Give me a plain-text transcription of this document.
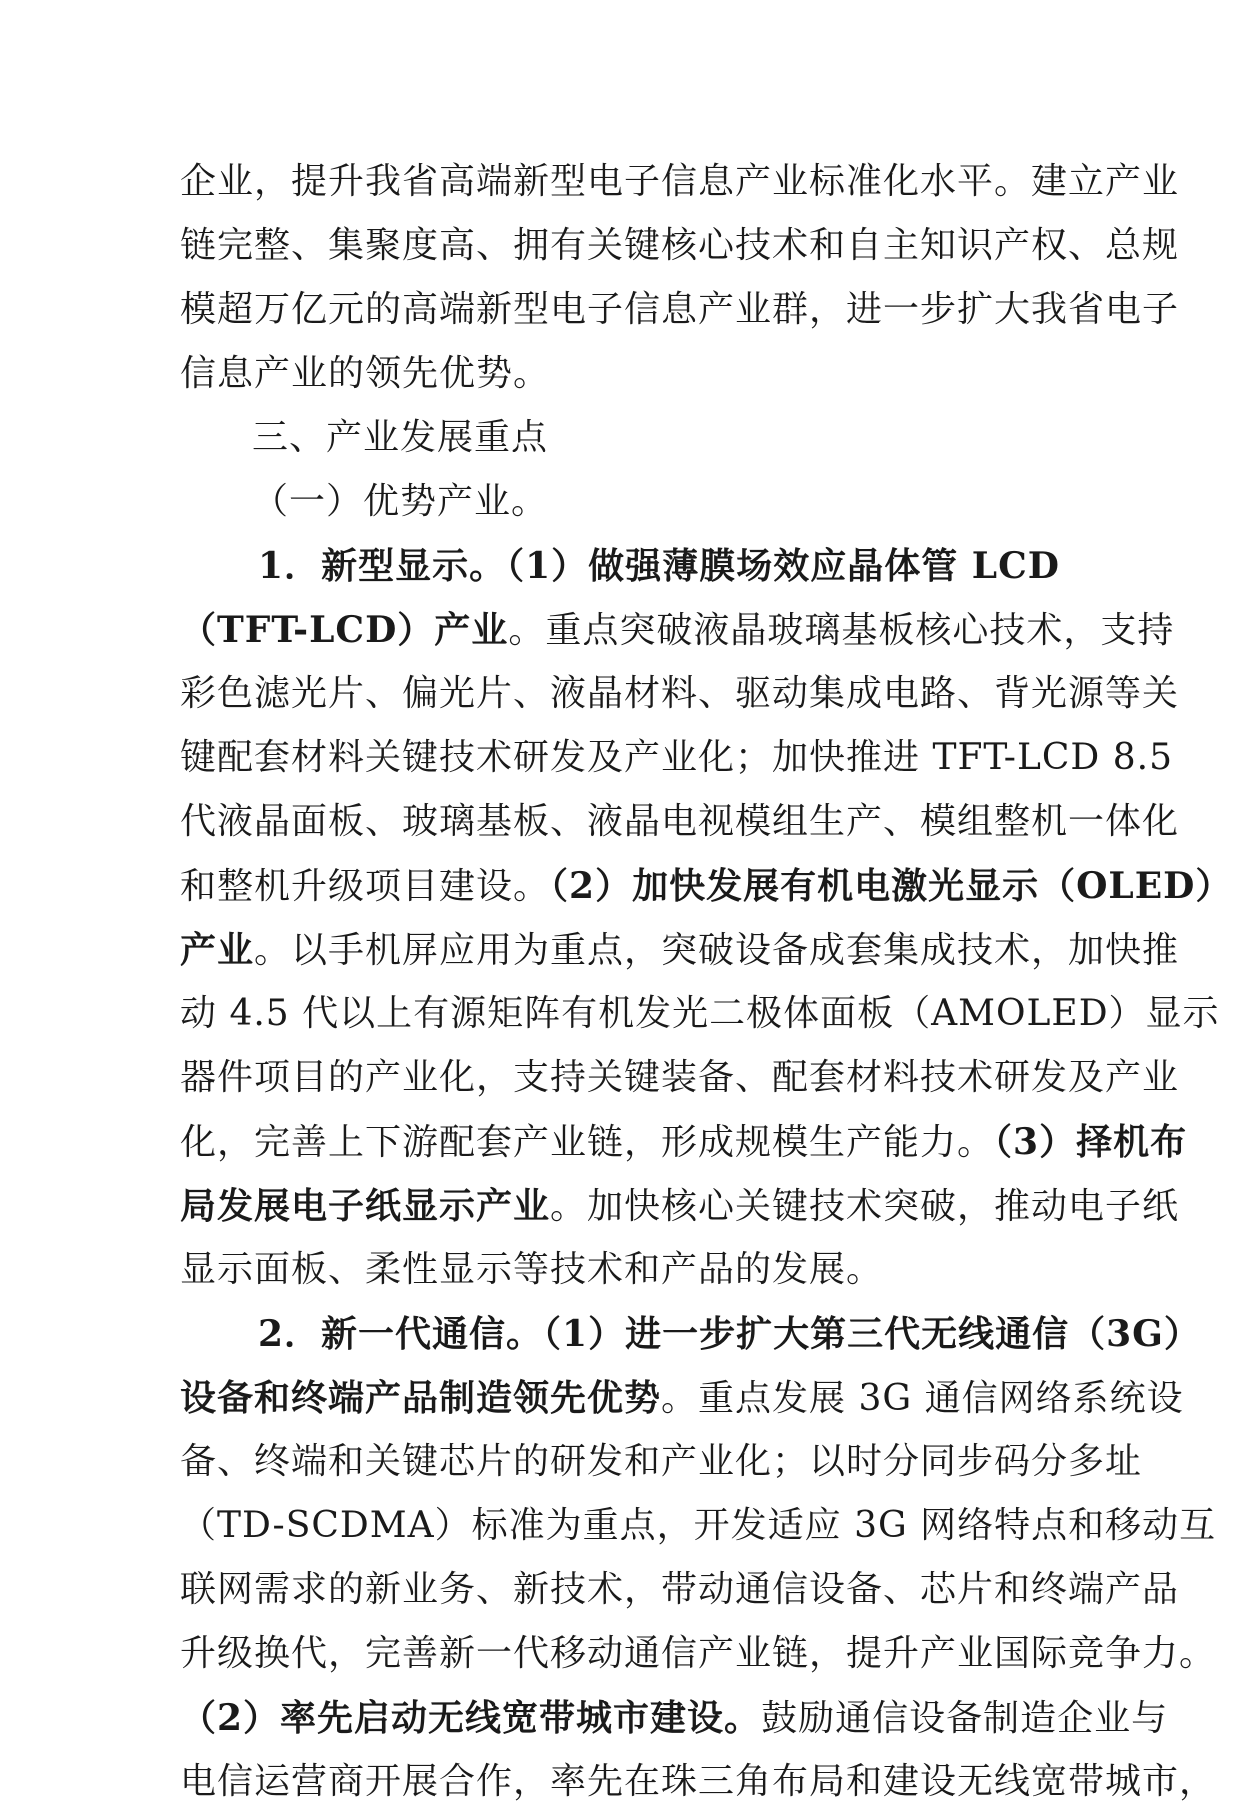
企业，提升我省高端新型电子信息产业标准化水平。建立产业
链完整、集聚度高、拥有关键核心技术和自主知识产权、总规
模超万亿元的高端新型电子信息产业群，进一步扩大我省电子
信息产业的领先优势。
三、产业发展重点
（一）优势产业。
1．新型显示。（1）做强薄膜场效应晶体管 LCD
（TFT-LCD）产业。重点突破液晶玻璃基板核心技术，支持
彩色滤光片、偏光片、液晶材料、驱动集成电路、背光源等关
键配套材料关键技术研发及产业化；加快推进 TFT-LCD 8.5
代液晶面板、玻璃基板、液晶电视模组生产、模组整机一体化
和整机升级项目建设。（2）加快发展有机电激光显示（OLED）
产业。以手机屏应用为重点，突破设备成套集成技术，加快推
动 4.5 代以上有源矩阵有机发光二极体面板（AMOLED）显示
器件项目的产业化，支持关键装备、配套材料技术研发及产业
化，完善上下游配套产业链，形成规模生产能力。（3）择机布
局发展电子纸显示产业。加快核心关键技术突破，推动电子纸
显示面板、柔性显示等技术和产品的发展。
2．新一代通信。（1）进一步扩大第三代无线通信（3G）
设备和终端产品制造领先优势。重点发展 3G 通信网络系统设
备、终端和关键芯片的研发和产业化；以时分同步码分多址
（TD-SCDMA）标准为重点，开发适应 3G 网络特点和移动互
联网需求的新业务、新技术，带动通信设备、芯片和终端产品
升级换代，完善新一代移动通信产业链，提升产业国际竞争力。
（2）率先启动无线宽带城市建设。鼓励通信设备制造企业与
电信运营商开展合作，率先在珠三角布局和建设无线宽带城市，
